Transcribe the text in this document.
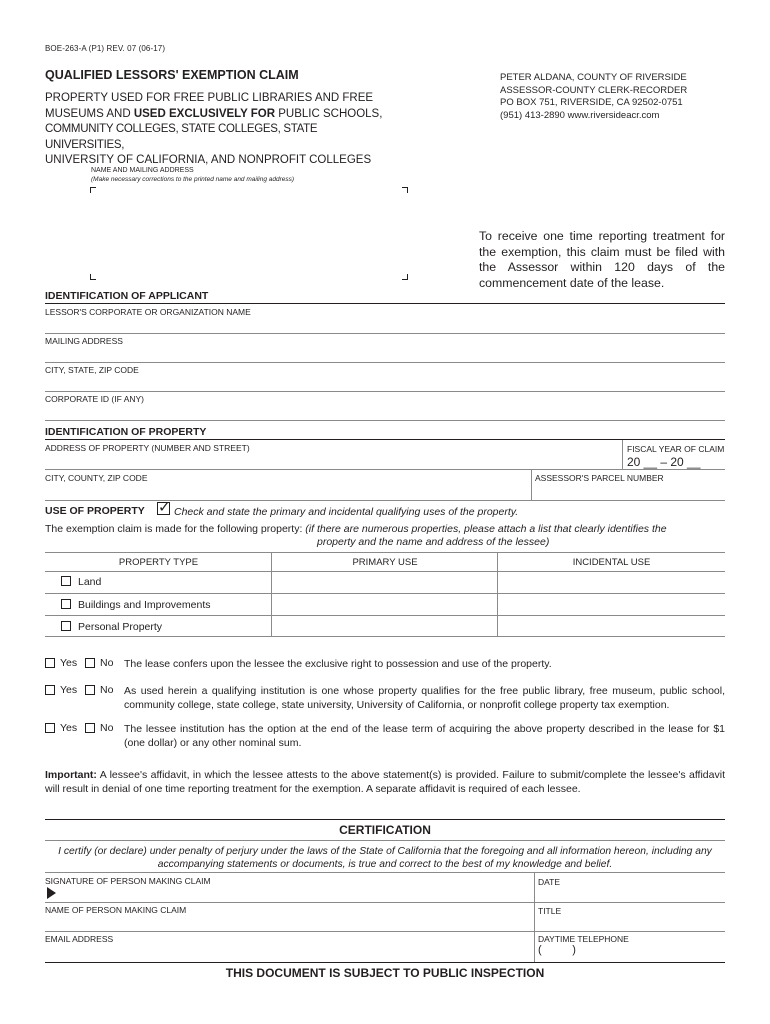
BOE-263-A (P1) REV. 07 (06-17)
QUALIFIED LESSORS' EXEMPTION CLAIM
PROPERTY USED FOR FREE PUBLIC LIBRARIES AND FREE
MUSEUMS AND USED EXCLUSIVELY FOR PUBLIC SCHOOLS,
COMMUNITY COLLEGES, STATE COLLEGES, STATE UNIVERSITIES,
UNIVERSITY OF CALIFORNIA, AND NONPROFIT COLLEGES
PETER ALDANA, COUNTY OF RIVERSIDE
ASSESSOR-COUNTY CLERK-RECORDER
PO BOX 751, RIVERSIDE, CA 92502-0751
(951) 413-2890 www.riversideacr.com
NAME AND MAILING ADDRESS
(Make necessary corrections to the printed name and mailing address)
To receive one time reporting treatment for the exemption, this claim must be filed with the Assessor within 120 days of the commencement date of the lease.
IDENTIFICATION OF APPLICANT
LESSOR'S CORPORATE OR ORGANIZATION NAME
MAILING ADDRESS
CITY, STATE, ZIP CODE
CORPORATE ID (IF ANY)
IDENTIFICATION OF PROPERTY
ADDRESS OF PROPERTY (NUMBER AND STREET)	FISCAL YEAR OF CLAIM
20 __ – 20 __
CITY, COUNTY, ZIP CODE	ASSESSOR'S PARCEL NUMBER
USE OF PROPERTY ✓ Check and state the primary and incidental qualifying uses of the property.
The exemption claim is made for the following property: (if there are numerous properties, please attach a list that clearly identifies the
property and the name and address of the lessee)
PROPERTY TYPE	PRIMARY USE	INCIDENTAL USE
Land
Buildings and Improvements
Personal Property
Yes No The lease confers upon the lessee the exclusive right to possession and use of the property.
Yes No As used herein a qualifying institution is one whose property qualifies for the free public library, free museum, public school, community college, state college, state university, University of California, or nonprofit college property tax exemption.
Yes No The lessee institution has the option at the end of the lease term of acquiring the above property described in the lease for $1 (one dollar) or any other nominal sum.
Important: A lessee's affidavit, in which the lessee attests to the above statement(s) is provided. Failure to submit/complete the lessee's affidavit will result in denial of one time reporting treatment for the exemption. A separate affidavit is required of each lessee.
CERTIFICATION
I certify (or declare) under penalty of perjury under the laws of the State of California that the foregoing and all information hereon, including any
accompanying statements or documents, is true and correct to the best of my knowledge and belief.
SIGNATURE OF PERSON MAKING CLAIM	DATE
NAME OF PERSON MAKING CLAIM	TITLE
EMAIL ADDRESS	DAYTIME TELEPHONE
(          )
THIS DOCUMENT IS SUBJECT TO PUBLIC INSPECTION
